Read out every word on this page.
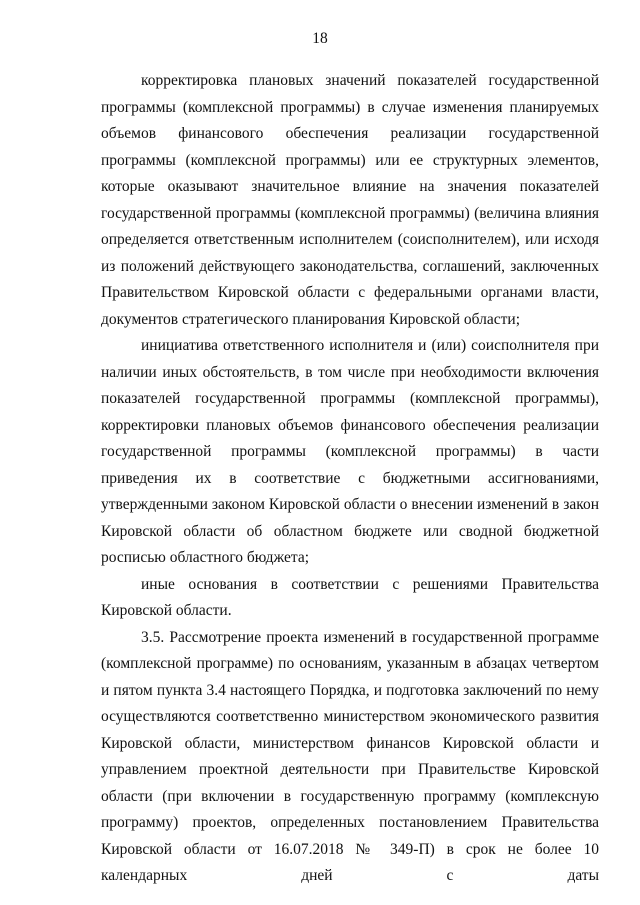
18

корректировка плановых значений показателей государственной программы (комплексной программы) в случае изменения планируемых объемов финансового обеспечения реализации государственной программы (комплексной программы) или ее структурных элементов, которые оказывают значительное влияние на значения показателей государственной программы (комплексной программы) (величина влияния определяется ответственным исполнителем (соисполнителем), или исходя из положений действующего законодательства, соглашений, заключенных Правительством Кировской области с федеральными органами власти, документов стратегического планирования Кировской области;

инициатива ответственного исполнителя и (или) соисполнителя при наличии иных обстоятельств, в том числе при необходимости включения показателей государственной программы (комплексной программы), корректировки плановых объемов финансового обеспечения реализации государственной программы (комплексной программы) в части приведения их в соответствие с бюджетными ассигнованиями, утвержденными законом Кировской области о внесении изменений в закон Кировской области об областном бюджете или сводной бюджетной росписью областного бюджета;

иные основания в соответствии с решениями Правительства Кировской области.

3.5. Рассмотрение проекта изменений в государственной программе (комплексной программе) по основаниям, указанным в абзацах четвертом и пятом пункта 3.4 настоящего Порядка, и подготовка заключений по нему осуществляются соответственно министерством экономического развития Кировской области, министерством финансов Кировской области и управлением проектной деятельности при Правительстве Кировской области (при включении в государственную программу (комплексную программу) проектов, определенных постановлением Правительства Кировской области от 16.07.2018 № 349-П) в срок не более 10 календарных дней с даты
